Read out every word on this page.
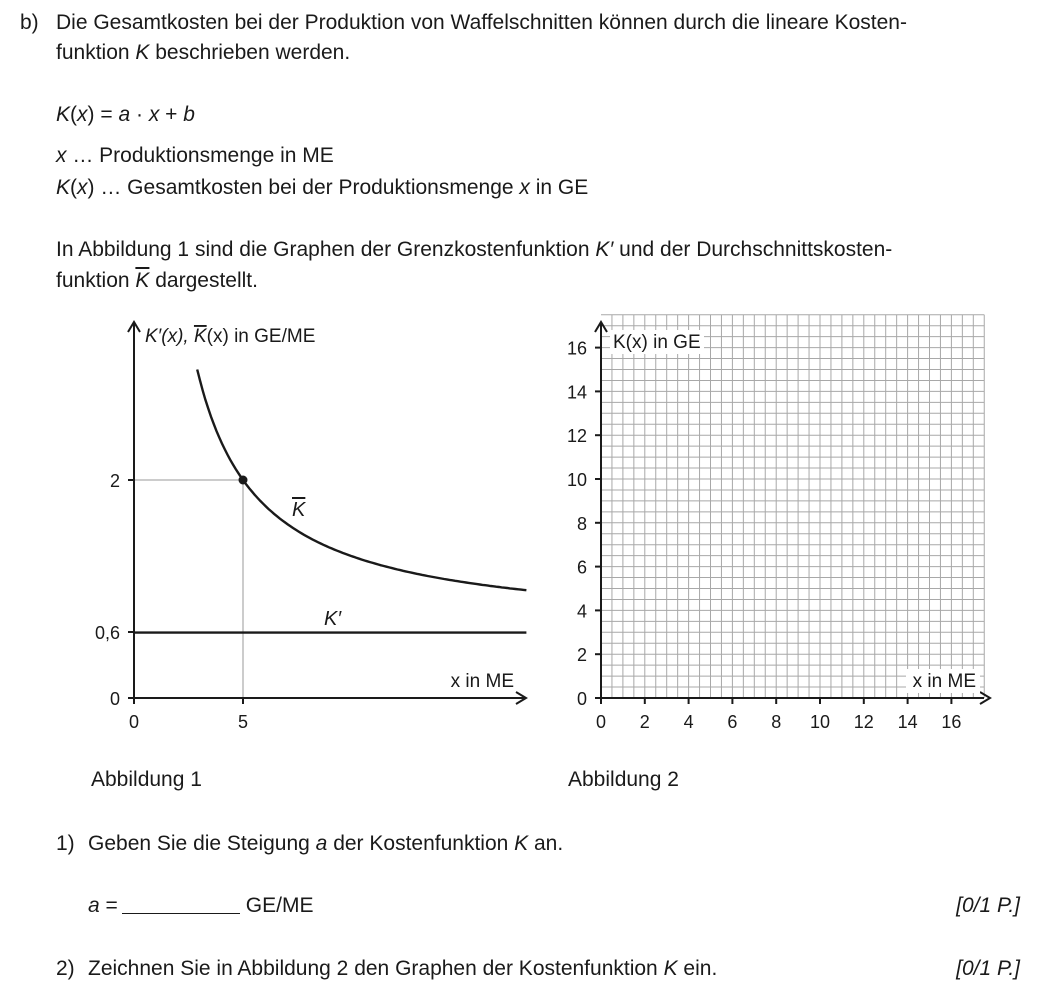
b) Die Gesamtkosten bei der Produktion von Waffelschnitten können durch die lineare Kosten-
funktion K beschrieben werden.
K(x) = a · x + b
x … Produktionsmenge in ME
K(x) … Gesamtkosten bei der Produktionsmenge x in GE
In Abbildung 1 sind die Graphen der Grenzkostenfunktion K′ und der Durchschnittskosten-
funktion $\overline{K}$ dargestellt.
K′(x), K(x) in GE/ME
x in ME
K
K′
0
0,6
2
0	5	0 2 4 6 8 10 12 14 16
0
2
4
6
8
10
12
14
16 K(x) in GE
x in ME
Abbildung 1	Abbildung 2
1) Geben Sie die Steigung a der Kostenfunktion K an.
a =	GE/ME	[0/1 P.]
2) Zeichnen Sie in Abbildung 2 den Graphen der Kostenfunktion K ein.	[0/1 P.]
